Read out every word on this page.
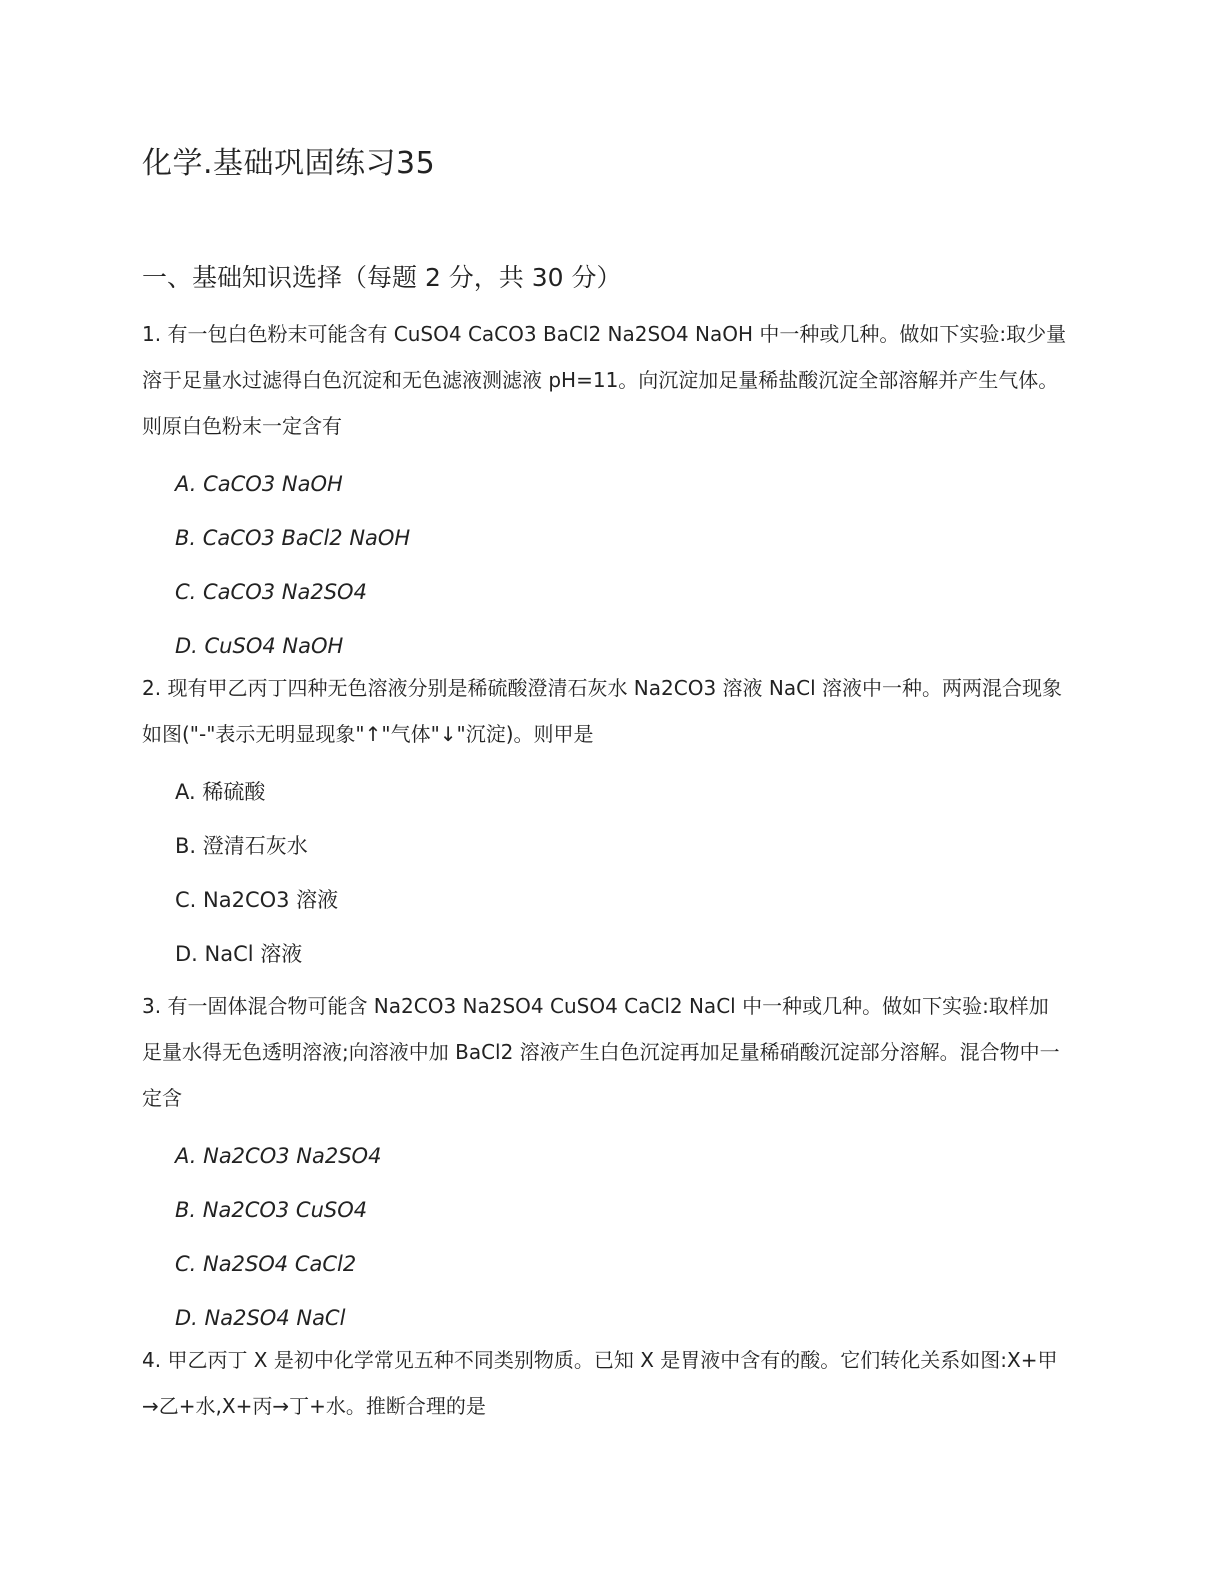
化学.基础巩固练习35
一、基础知识选择（每题 2 分，共 30 分）

1. 有一包白色粉末可能含有 CuSO4 CaCO3 BaCl2 Na2SO4 NaOH 中一种或几种。做如下实验:取少量溶于足量水过滤得白色沉淀和无色滤液测滤液 pH=11。向沉淀加足量稀盐酸沉淀全部溶解并产生气体。则原白色粉末一定含有

A. CaCO3 NaOH
B. CaCO3 BaCl2 NaOH
C. CaCO3 Na2SO4
D. CuSO4 NaOH

2. 现有甲乙丙丁四种无色溶液分别是稀硫酸澄清石灰水 Na2CO3 溶液 NaCl 溶液中一种。两两混合现象如图("-"表示无明显现象"↑"气体"↓"沉淀)。则甲是

A. 稀硫酸
B. 澄清石灰水
C. Na2CO3 溶液
D. NaCl 溶液

3. 有一固体混合物可能含 Na2CO3 Na2SO4 CuSO4 CaCl2 NaCl 中一种或几种。做如下实验:取样加足量水得无色透明溶液;向溶液中加 BaCl2 溶液产生白色沉淀再加足量稀硝酸沉淀部分溶解。混合物中一定含

A. Na2CO3 Na2SO4
B. Na2CO3 CuSO4
C. Na2SO4 CaCl2
D. Na2SO4 NaCl

4. 甲乙丙丁 X 是初中化学常见五种不同类别物质。已知 X 是胃液中含有的酸。它们转化关系如图:X+甲→乙+水,X+丙→丁+水。推断合理的是
